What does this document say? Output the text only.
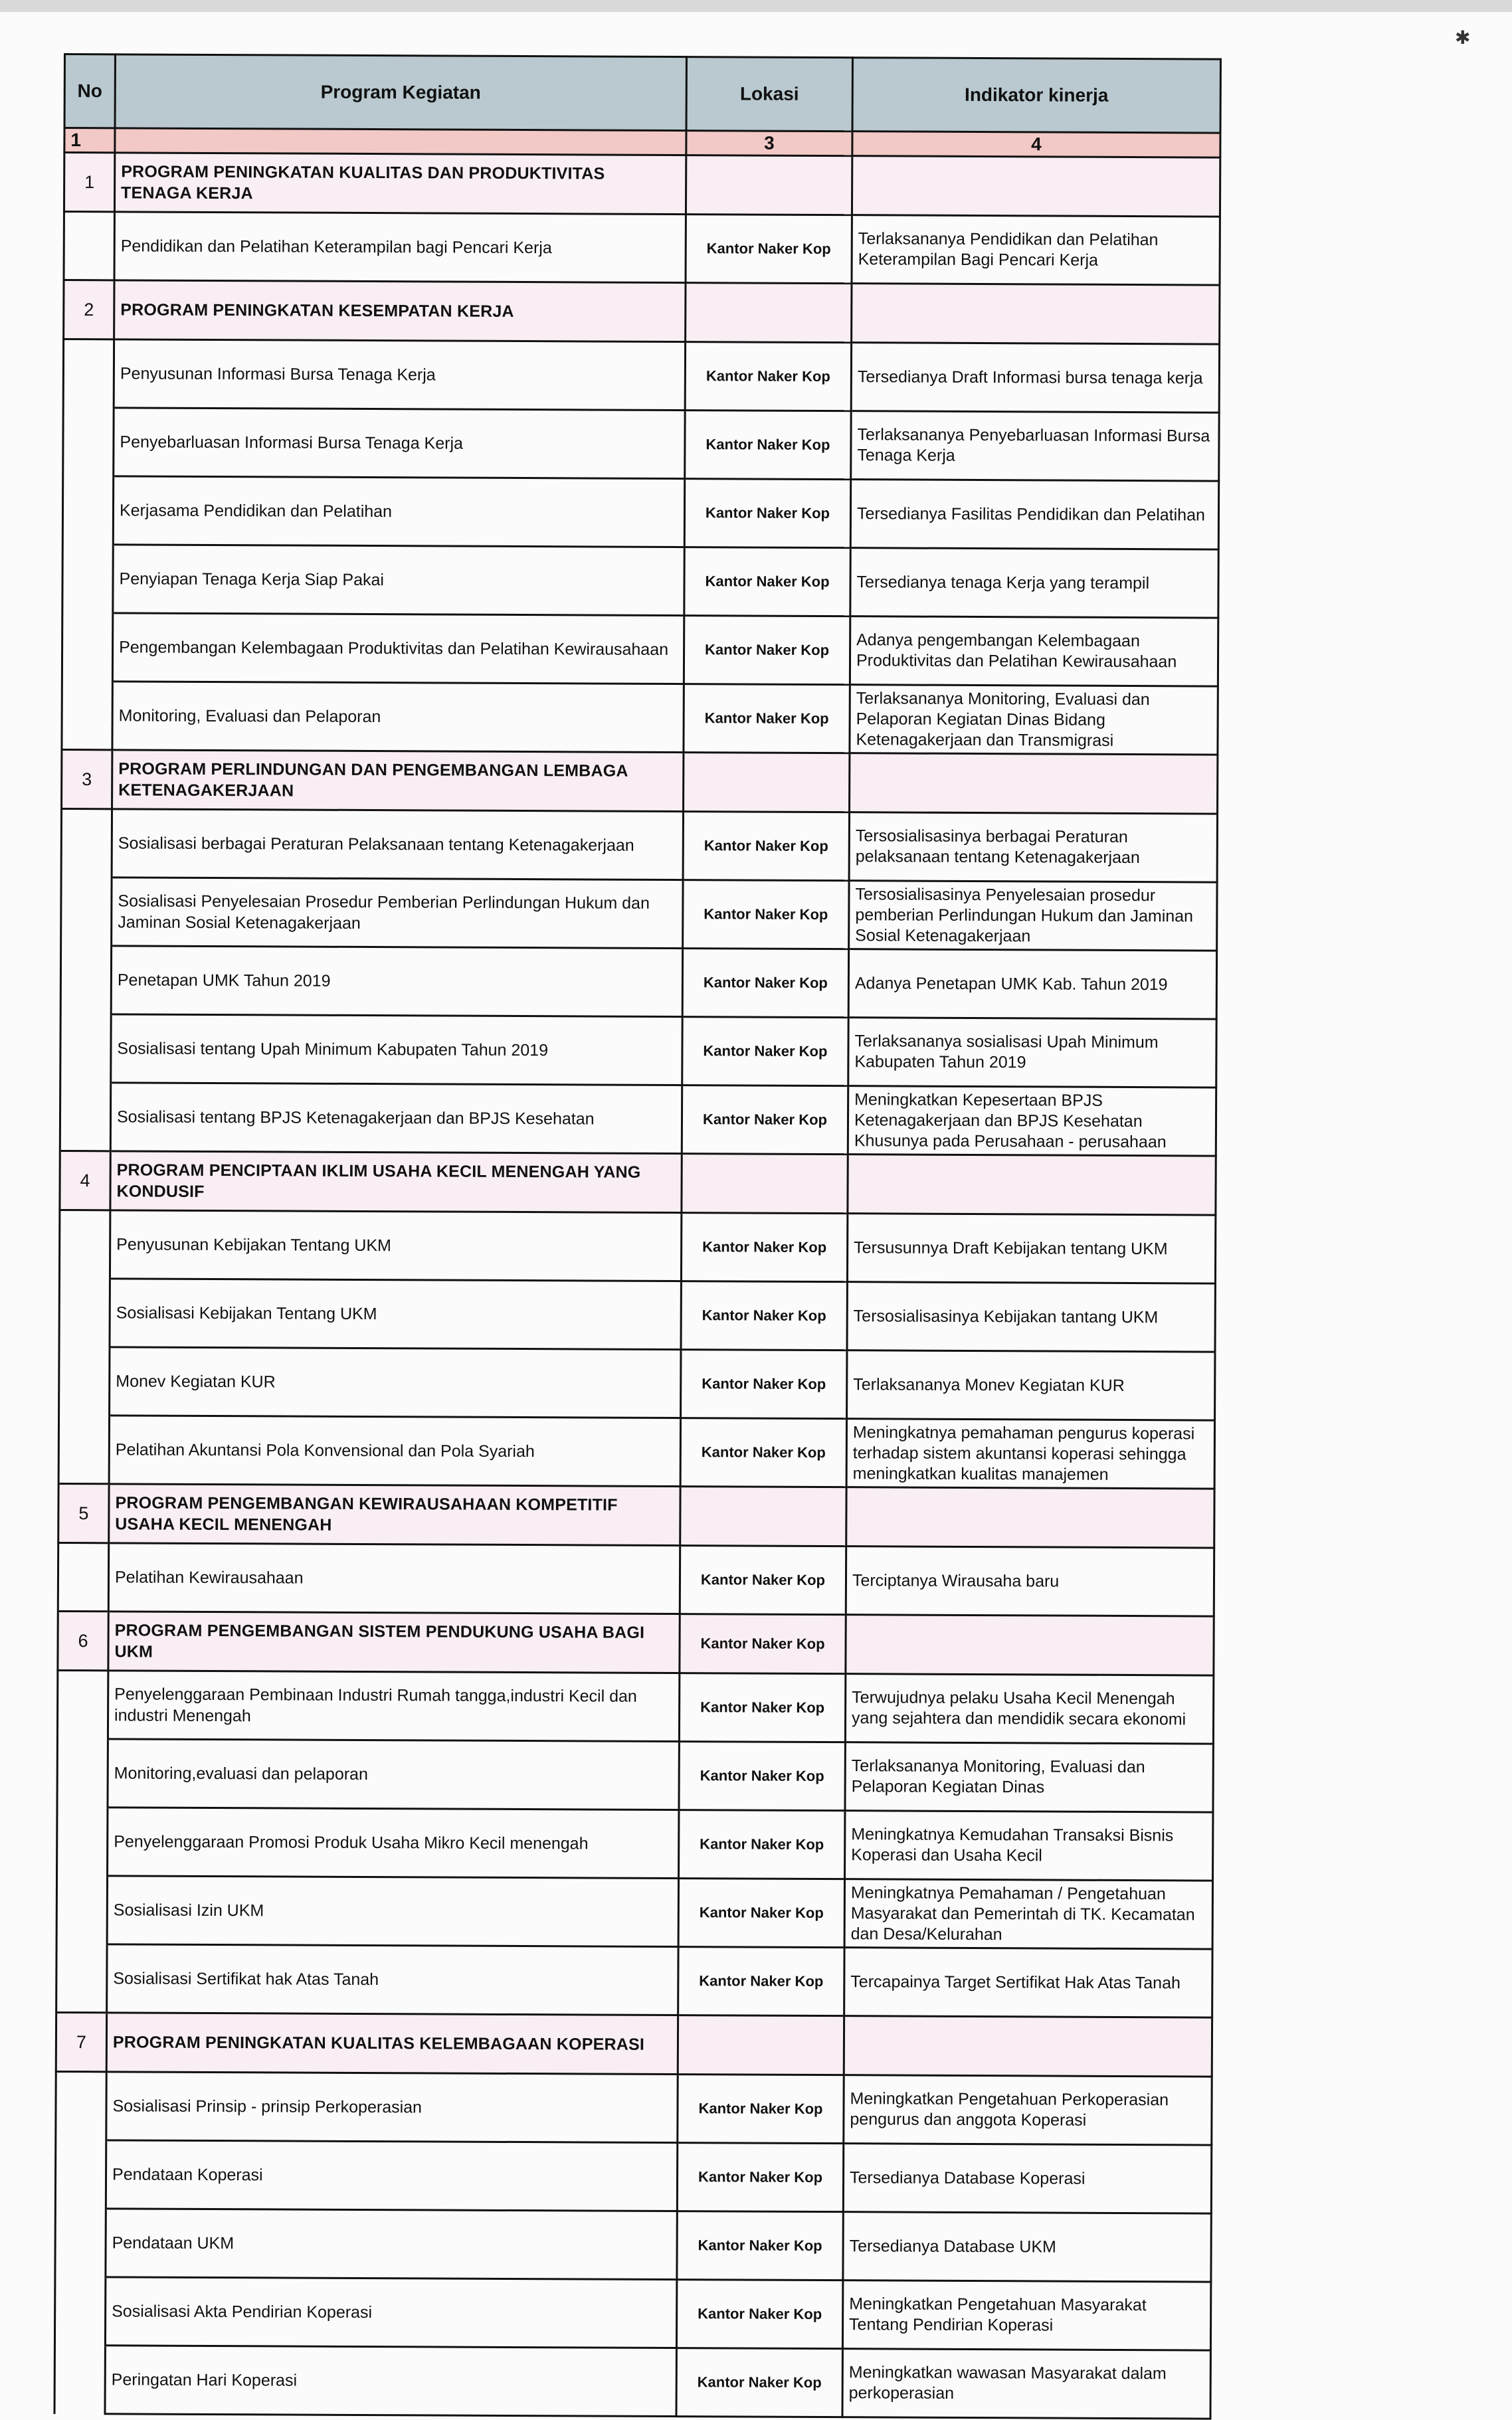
✱
No	Program Kegiatan	Lokasi	Indikator kinerja
1		3	4
1	PROGRAM PENINGKATAN KUALITAS DAN PRODUKTIVITAS TENAGA KERJA		
	Pendidikan dan Pelatihan Keterampilan bagi Pencari Kerja	Kantor Naker Kop	Terlaksananya Pendidikan dan Pelatihan Keterampilan Bagi Pencari Kerja
2	PROGRAM PENINGKATAN KESEMPATAN KERJA		
	Penyusunan Informasi Bursa Tenaga Kerja	Kantor Naker Kop	Tersedianya Draft Informasi bursa tenaga kerja
	Penyebarluasan Informasi Bursa Tenaga Kerja	Kantor Naker Kop	Terlaksananya Penyebarluasan Informasi Bursa Tenaga Kerja
	Kerjasama Pendidikan dan Pelatihan	Kantor Naker Kop	Tersedianya Fasilitas Pendidikan dan Pelatihan
	Penyiapan Tenaga Kerja Siap Pakai	Kantor Naker Kop	Tersedianya tenaga Kerja yang terampil
	Pengembangan Kelembagaan Produktivitas dan Pelatihan Kewirausahaan	Kantor Naker Kop	Adanya pengembangan Kelembagaan Produktivitas dan Pelatihan Kewirausahaan
	Monitoring, Evaluasi dan Pelaporan	Kantor Naker Kop	Terlaksananya Monitoring, Evaluasi dan Pelaporan Kegiatan Dinas Bidang Ketenagakerjaan dan Transmigrasi
3	PROGRAM PERLINDUNGAN DAN PENGEMBANGAN LEMBAGA KETENAGAKERJAAN		
	Sosialisasi berbagai Peraturan Pelaksanaan tentang Ketenagakerjaan	Kantor Naker Kop	Tersosialisasinya berbagai Peraturan pelaksanaan tentang Ketenagakerjaan
	Sosialisasi Penyelesaian Prosedur Pemberian Perlindungan Hukum dan Jaminan Sosial Ketenagakerjaan	Kantor Naker Kop	Tersosialisasinya Penyelesaian prosedur pemberian Perlindungan Hukum dan Jaminan Sosial Ketenagakerjaan
	Penetapan UMK Tahun 2019	Kantor Naker Kop	Adanya Penetapan UMK Kab. Tahun 2019
	Sosialisasi tentang Upah Minimum Kabupaten Tahun 2019	Kantor Naker Kop	Terlaksananya sosialisasi Upah Minimum Kabupaten Tahun 2019
	Sosialisasi tentang BPJS Ketenagakerjaan dan BPJS Kesehatan	Kantor Naker Kop	Meningkatkan Kepesertaan BPJS Ketenagakerjaan dan BPJS Kesehatan Khusunya pada Perusahaan - perusahaan
4	PROGRAM PENCIPTAAN IKLIM USAHA KECIL MENENGAH YANG KONDUSIF		
	Penyusunan Kebijakan Tentang UKM	Kantor Naker Kop	Tersusunnya Draft Kebijakan tentang UKM
	Sosialisasi Kebijakan Tentang UKM	Kantor Naker Kop	Tersosialisasinya Kebijakan tantang UKM
	Monev Kegiatan KUR	Kantor Naker Kop	Terlaksananya Monev Kegiatan KUR
	Pelatihan Akuntansi Pola Konvensional dan Pola Syariah	Kantor Naker Kop	Meningkatnya pemahaman pengurus koperasi terhadap sistem akuntansi koperasi sehingga meningkatkan kualitas manajemen
5	PROGRAM PENGEMBANGAN KEWIRAUSAHAAN KOMPETITIF USAHA KECIL MENENGAH		
	Pelatihan Kewirausahaan	Kantor Naker Kop	Terciptanya Wirausaha baru
6	PROGRAM PENGEMBANGAN SISTEM PENDUKUNG USAHA BAGI UKM	Kantor Naker Kop	
	Penyelenggaraan Pembinaan Industri Rumah tangga,industri Kecil dan industri Menengah	Kantor Naker Kop	Terwujudnya pelaku Usaha Kecil Menengah yang sejahtera dan mendidik secara ekonomi
	Monitoring,evaluasi dan pelaporan	Kantor Naker Kop	Terlaksananya Monitoring, Evaluasi dan Pelaporan Kegiatan Dinas
	Penyelenggaraan Promosi Produk Usaha Mikro Kecil menengah	Kantor Naker Kop	Meningkatnya Kemudahan Transaksi Bisnis Koperasi dan Usaha Kecil
	Sosialisasi Izin UKM	Kantor Naker Kop	Meningkatnya Pemahaman / Pengetahuan Masyarakat dan Pemerintah di TK. Kecamatan dan Desa/Kelurahan
	Sosialisasi Sertifikat hak Atas Tanah	Kantor Naker Kop	Tercapainya Target Sertifikat Hak Atas Tanah
7	PROGRAM PENINGKATAN KUALITAS KELEMBAGAAN KOPERASI		
	Sosialisasi Prinsip - prinsip Perkoperasian	Kantor Naker Kop	Meningkatkan Pengetahuan Perkoperasian pengurus dan anggota Koperasi
	Pendataan Koperasi	Kantor Naker Kop	Tersedianya Database Koperasi
	Pendataan UKM	Kantor Naker Kop	Tersedianya Database UKM
	Sosialisasi Akta Pendirian Koperasi	Kantor Naker Kop	Meningkatkan Pengetahuan Masyarakat Tentang Pendirian Koperasi
	Peringatan Hari Koperasi	Kantor Naker Kop	Meningkatkan wawasan Masyarakat dalam perkoperasian
